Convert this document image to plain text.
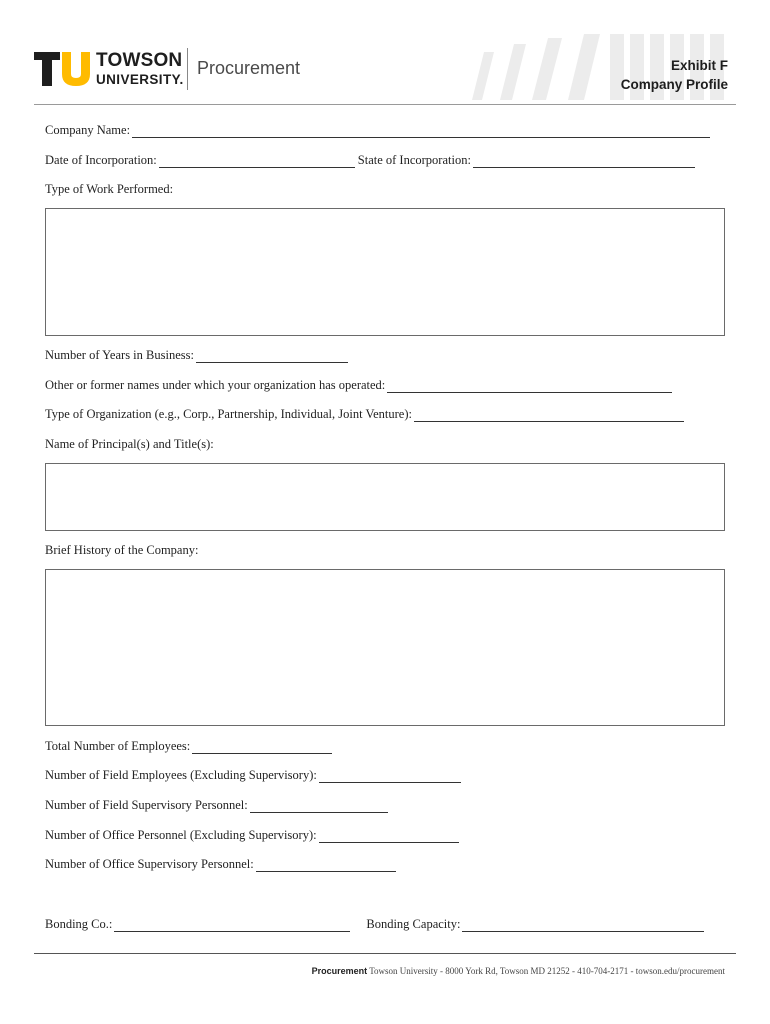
TOWSON
UNIVERSITY.
Procurement	Exhibit F
Company Profile
Company Name:
Date of Incorporation:	State of Incorporation:
Type of Work Performed:
Number of Years in Business:
Other or former names under which your organization has operated:
Type of Organization (e.g., Corp., Partnership, Individual, Joint Venture):
Name of Principal(s) and Title(s):
Brief History of the Company:
Total Number of Employees:
Number of Field Employees (Excluding Supervisory):
Number of Field Supervisory Personnel:
Number of Office Personnel (Excluding Supervisory):
Number of Office Supervisory Personnel:
Bonding Co.:	Bonding Capacity:
Procurement Towson University - 8000 York Rd, Towson MD 21252 - 410-704-2171 - towson.edu/procurement
